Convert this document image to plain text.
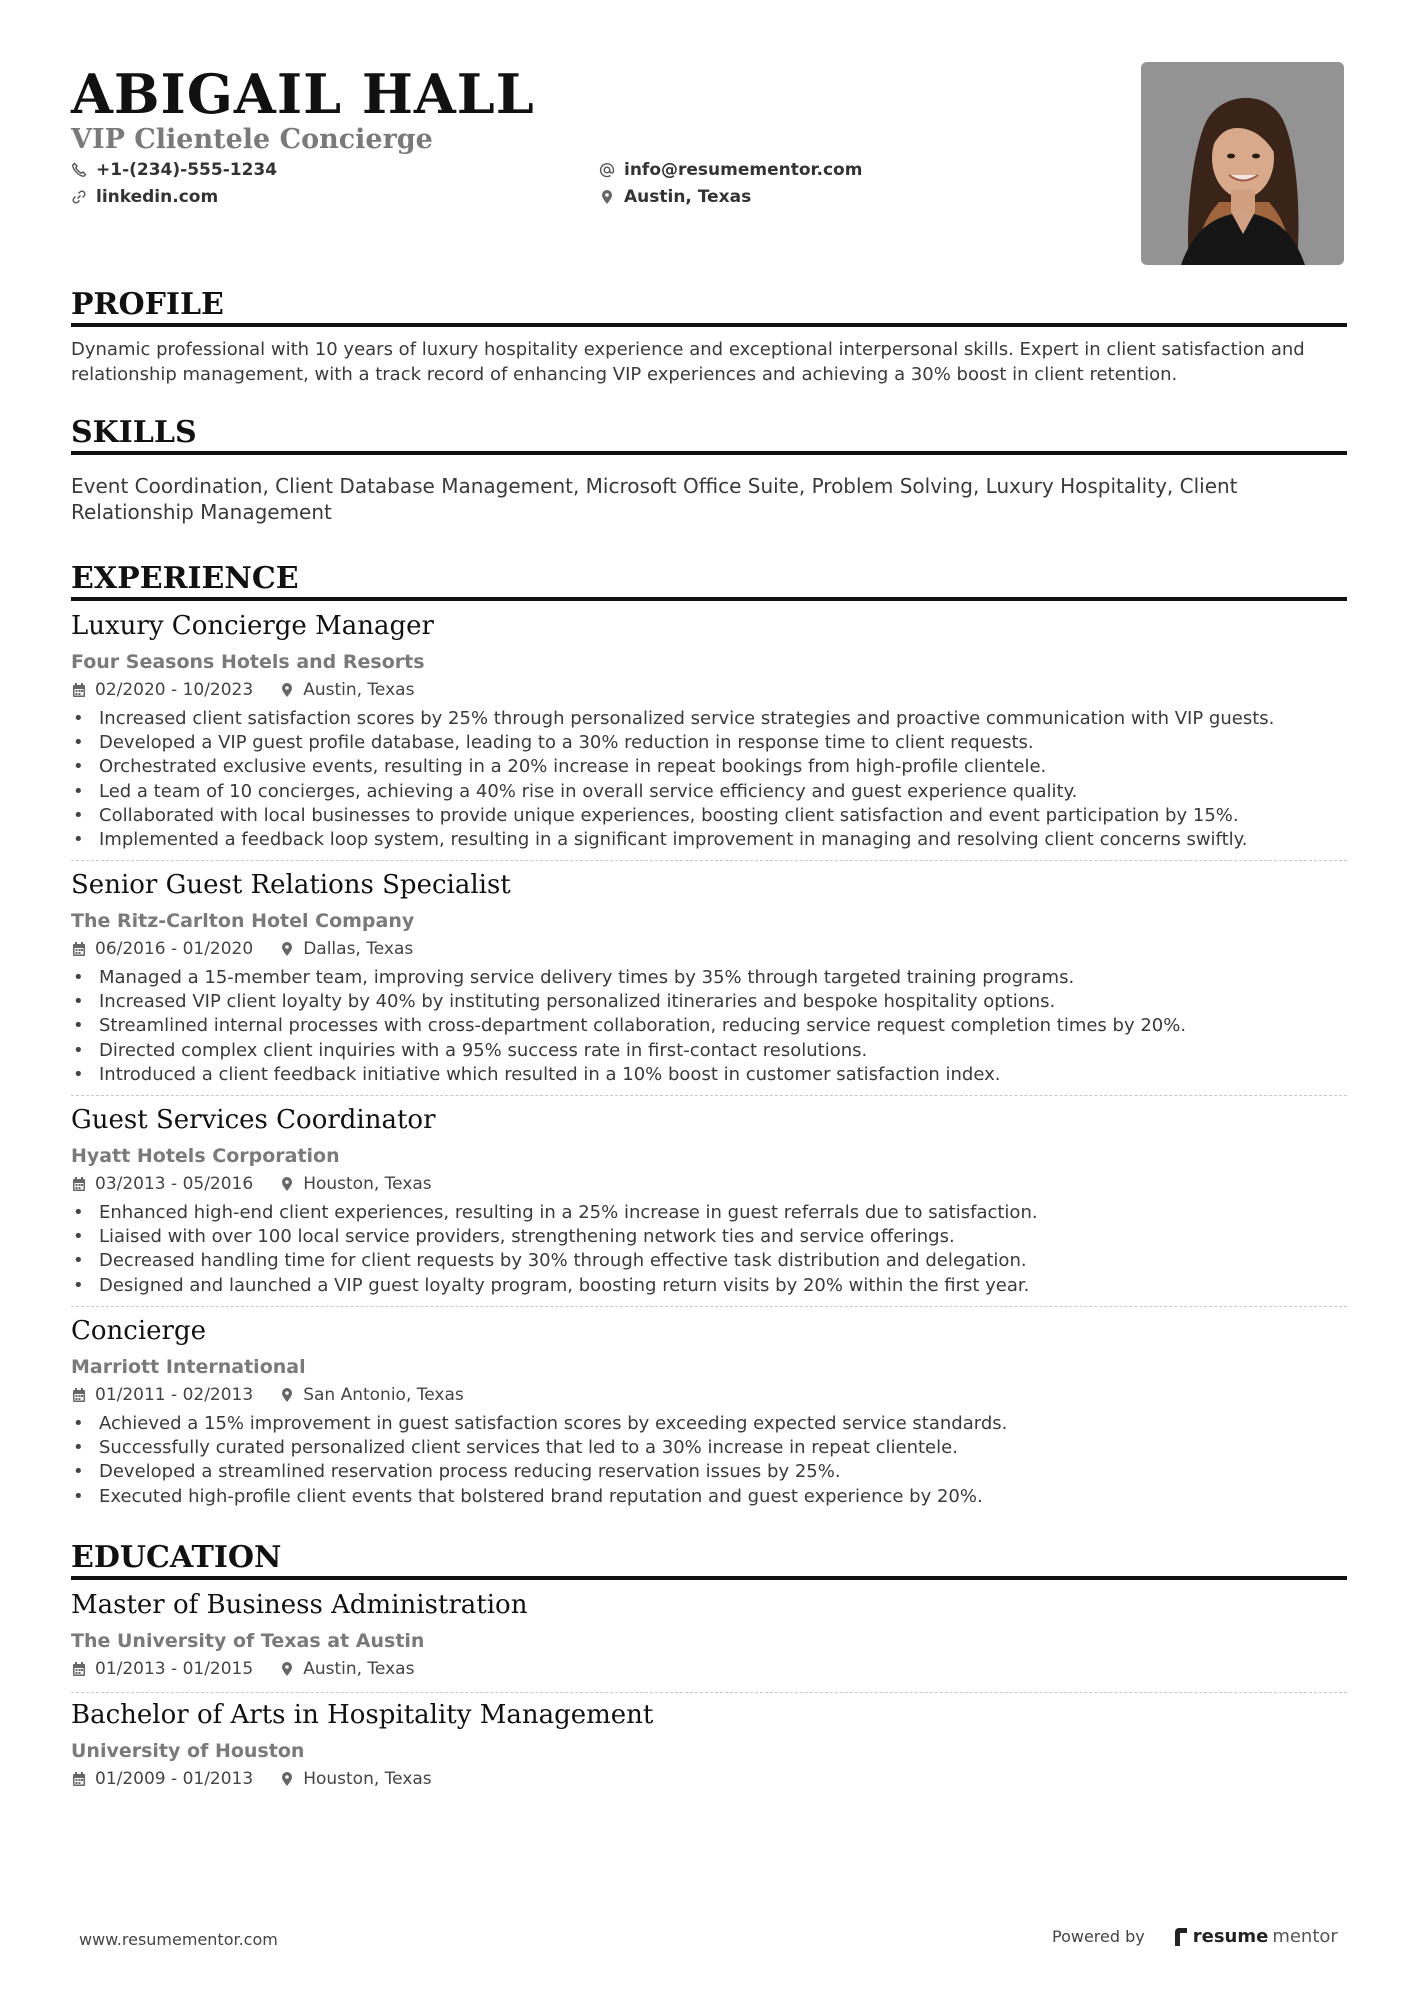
ABIGAIL HALL
VIP Clientele Concierge
+1-(234)-555-1234	info@resumementor.com
linkedin.com	Austin, Texas
PROFILE

Dynamic professional with 10 years of luxury hospitality experience and exceptional interpersonal skills. Expert in client satisfaction and relationship management, with a track record of enhancing VIP experiences and achieving a 30% boost in client retention.

SKILLS

Event Coordination, Client Database Management, Microsoft Office Suite, Problem Solving, Luxury Hospitality, Client Relationship Management

EXPERIENCE
Luxury Concierge Manager
Four Seasons Hotels and Resorts
02/2020 - 10/2023	Austin, Texas
• Increased client satisfaction scores by 25% through personalized service strategies and proactive communication with VIP guests.
• Developed a VIP guest profile database, leading to a 30% reduction in response time to client requests.
• Orchestrated exclusive events, resulting in a 20% increase in repeat bookings from high-profile clientele.
• Led a team of 10 concierges, achieving a 40% rise in overall service efficiency and guest experience quality.
• Collaborated with local businesses to provide unique experiences, boosting client satisfaction and event participation by 15%.
• Implemented a feedback loop system, resulting in a significant improvement in managing and resolving client concerns swiftly.
Senior Guest Relations Specialist
The Ritz-Carlton Hotel Company
06/2016 - 01/2020	Dallas, Texas
• Managed a 15-member team, improving service delivery times by 35% through targeted training programs.
• Increased VIP client loyalty by 40% by instituting personalized itineraries and bespoke hospitality options.
• Streamlined internal processes with cross-department collaboration, reducing service request completion times by 20%.
• Directed complex client inquiries with a 95% success rate in first-contact resolutions.
• Introduced a client feedback initiative which resulted in a 10% boost in customer satisfaction index.
Guest Services Coordinator
Hyatt Hotels Corporation
03/2013 - 05/2016	Houston, Texas
• Enhanced high-end client experiences, resulting in a 25% increase in guest referrals due to satisfaction.
• Liaised with over 100 local service providers, strengthening network ties and service offerings.
• Decreased handling time for client requests by 30% through effective task distribution and delegation.
• Designed and launched a VIP guest loyalty program, boosting return visits by 20% within the first year.
Concierge
Marriott International
01/2011 - 02/2013	San Antonio, Texas
• Achieved a 15% improvement in guest satisfaction scores by exceeding expected service standards.
• Successfully curated personalized client services that led to a 30% increase in repeat clientele.
• Developed a streamlined reservation process reducing reservation issues by 25%.
• Executed high-profile client events that bolstered brand reputation and guest experience by 20%.
EDUCATION
Master of Business Administration
The University of Texas at Austin
01/2013 - 01/2015	Austin, Texas
Bachelor of Arts in Hospitality Management
University of Houston
01/2009 - 01/2013	Houston, Texas
www.resumementor.com	Powered by	resume mentor
